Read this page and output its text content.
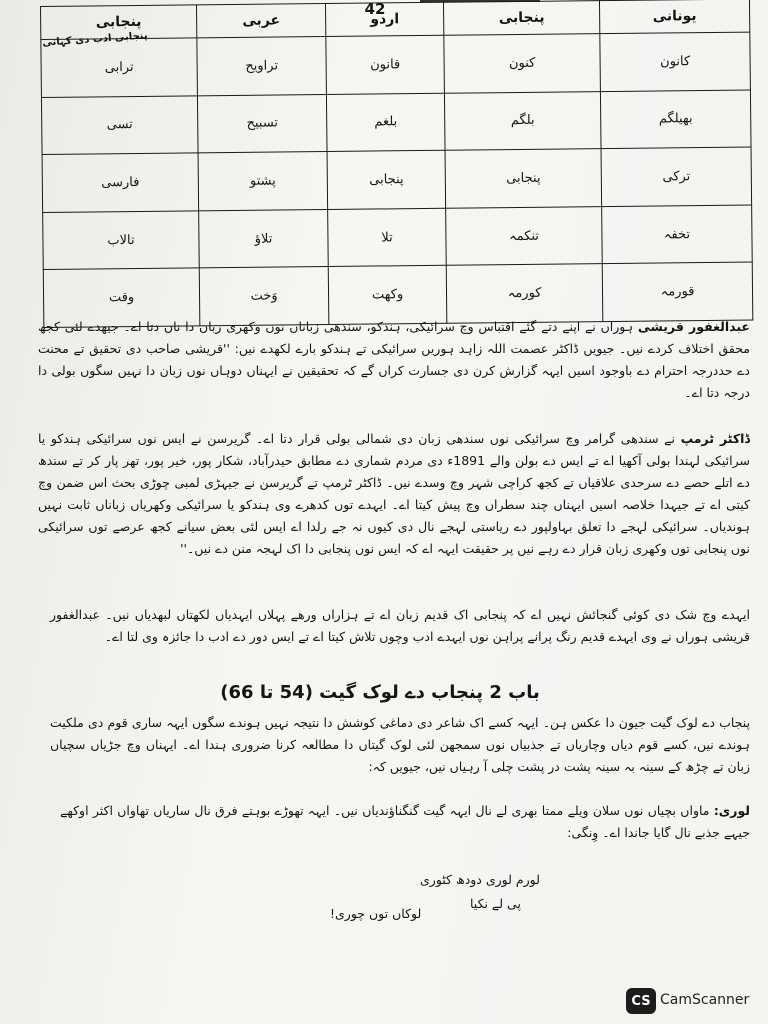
42	یونانی	پنجابی	اردو	عربی	پنجابی
کانون	کنون	قانون	تراویح	ترابی
بھیلگم	بلگم	بلغم	تسبیح	تسی
ترکی	پنجابی	پنجابی	پشتو	فارسی
تخفہ	تنکمہ	تلا	تلاؤ	تالاب
قورمہ	کورمہ	وکھت	وَخت	وقت
پنجابی ادب دی کہانی
عبدالغفور قریشی ہوراں نے اپنے دتے گئے اقتباس وچ سرائیکی، ہندکو، سندھی زباناں نوں وکھری زبان دا ناں دتا اے۔ جیھدے لئی کجھ محقق اختلاف کردے نیں۔ جیویں ڈاکٹر عصمت اللہ زاہد ہوریں سرائیکی تے ہندکو بارے لکھدے نیں: ''قریشی صاحب دی تحقیق تے محنت دے حددرجہ احترام دے باوجود اسیں ایہہ گزارش کرن دی جسارت کراں گے کہ تحقیقین نے ایہناں دوہاں نوں زبان دا نہیں سگوں بولی دا درجہ دتا اے۔
ڈاکٹر ٹرمپ نے سندھی گرامر وچ سرائیکی نوں سندھی زبان دی شمالی بولی قرار دتا اے۔ گریرسن نے ایس نوں سرائیکی ہندکو یا سرائیکی لہندا بولی آکھیا اے تے ایس دے بولن والے 1891ء دی مردم شماری دے مطابق حیدرآباد، شکار پور، خیر پور، تھر پار کر تے سندھ دے اتلے حصے دے سرحدی علاقیاں تے کجھ کراچی شہر وچ وسدے نیں۔ ڈاکٹر ٹرمپ تے گریرسن نے جیہڑی لمبی چوڑی بحث اس ضمن وچ کیتی اے تے جیہدا خلاصہ اسیں ایہناں چند سطراں وچ پیش کیتا اے۔ ایہدے توں کدھرے وی ہندکو یا سرائیکی وکھریاں زباناں ثابت نہیں ہوندیاں۔ سرائیکی لہجے دا تعلق بہاولپور دے ریاستی لہجے نال دی کیوں نہ جے رلدا اے ایس لئی بعض سیانے کجھ عرصے توں سرائیکی نوں پنجابی توں وکھری زبان قرار دے رہے نیں پر حقیقت ایہہ اے کہ ایس نوں پنجابی دا اک لہجہ منن دے نیں۔''
ایہدے وچ شک دی کوئی گنجائش نہیں اے کہ پنجابی اک قدیم زبان اے تے ہزاراں ورھے پہلاں ایہدیاں لکھتاں لبھدیاں نیں۔ عبدالغفور قریشی ہوراں نے وی ایہدے قدیم رنگ پرانے پراہن نوں ایہدے ادب وچوں تلاش کیتا اے تے ایس دور دے ادب دا جائزہ وی لتا اے۔
باب 2 پنجاب دے لوک گیت (54 تا 66)
پنجاب دے لوک گیت جیون دا عکس ہن۔ ایہہ کسے اک شاعر دی دماغی کوشش دا نتیجہ نہیں ہوندے سگوں ایہہ ساری قوم دی ملکیت ہوندے نیں، کسے قوم دیاں وچاریاں تے جذبیاں نوں سمجھن لئی لوک گیتاں دا مطالعہ کرنا ضروری ہندا اے۔ ایہناں وچ جڑیاں سچیاں زبان تے چڑھ کے سینہ بہ سینہ پشت در پشت چلی آ رہیاں نیں، جیویں کہ:
لوری: ماواں بچیاں نوں سلان ویلے ممتا بھری لے نال ایہہ گیت گنگناؤندیاں نیں۔ ایہہ تھوڑے بوہتے فرق نال ساریاں تھاواں اکثر اوکھے جیہے جذبے نال گایا جاندا اے۔ وِنگی:
لورم لوری دودھ کٹوری
پی لے نکیا
لوکاں توں چوری!
CS CamScanner
